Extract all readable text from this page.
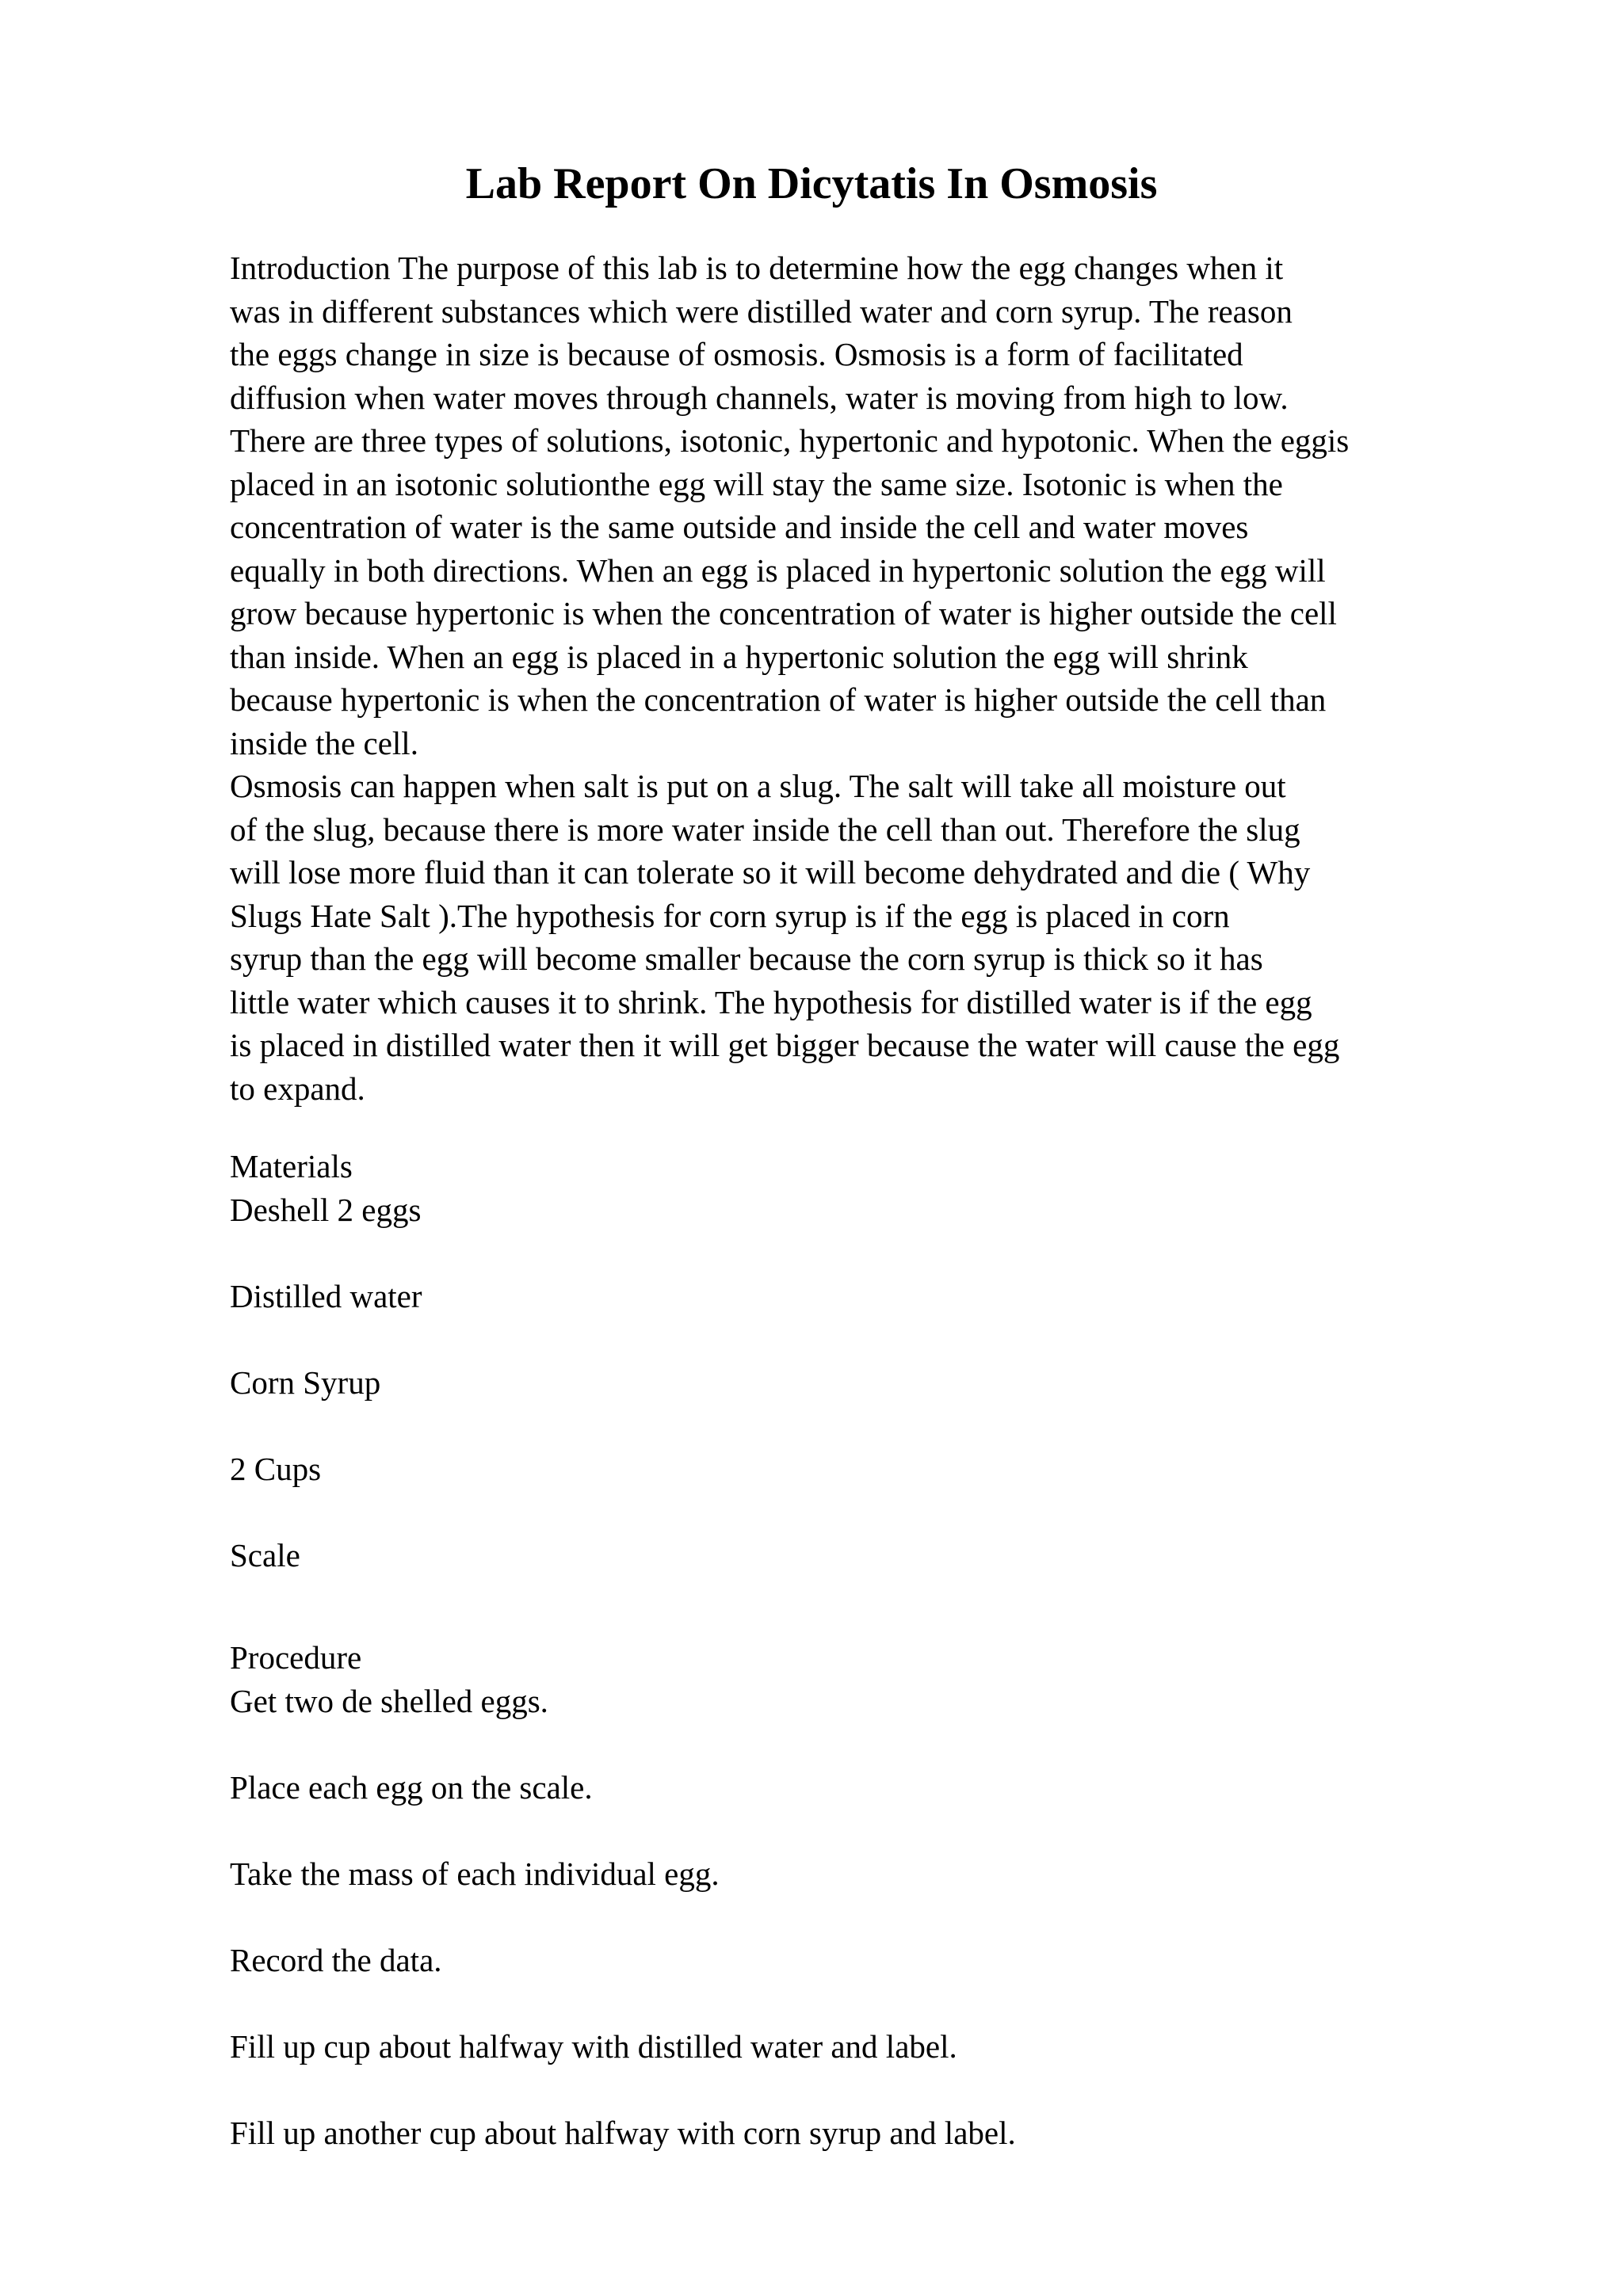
Lab Report On Dicytatis In Osmosis

Introduction The purpose of this lab is to determine how the egg changes when it
was in different substances which were distilled water and corn syrup. The reason
the eggs change in size is because of osmosis. Osmosis is a form of facilitated
diffusion when water moves through channels, water is moving from high to low.
There are three types of solutions, isotonic, hypertonic and hypotonic. When the eggis
placed in an isotonic solutionthe egg will stay the same size. Isotonic is when the
concentration of water is the same outside and inside the cell and water moves
equally in both directions. When an egg is placed in hypertonic solution the egg will
grow because hypertonic is when the concentration of water is higher outside the cell
than inside. When an egg is placed in a hypertonic solution the egg will shrink
because hypertonic is when the concentration of water is higher outside the cell than
inside the cell.

Osmosis can happen when salt is put on a slug. The salt will take all moisture out
of the slug, because there is more water inside the cell than out. Therefore the slug
will lose more fluid than it can tolerate so it will become dehydrated and die ( Why
Slugs Hate Salt ).The hypothesis for corn syrup is if the egg is placed in corn
syrup than the egg will become smaller because the corn syrup is thick so it has
little water which causes it to shrink. The hypothesis for distilled water is if the egg
is placed in distilled water then it will get bigger because the water will cause the egg
to expand.

Materials
Deshell 2 eggs
Distilled water
Corn Syrup
2 Cups
Scale
Procedure
Get two de shelled eggs.
Place each egg on the scale.
Take the mass of each individual egg.
Record the data.
Fill up cup about halfway with distilled water and label.
Fill up another cup about halfway with corn syrup and label.
